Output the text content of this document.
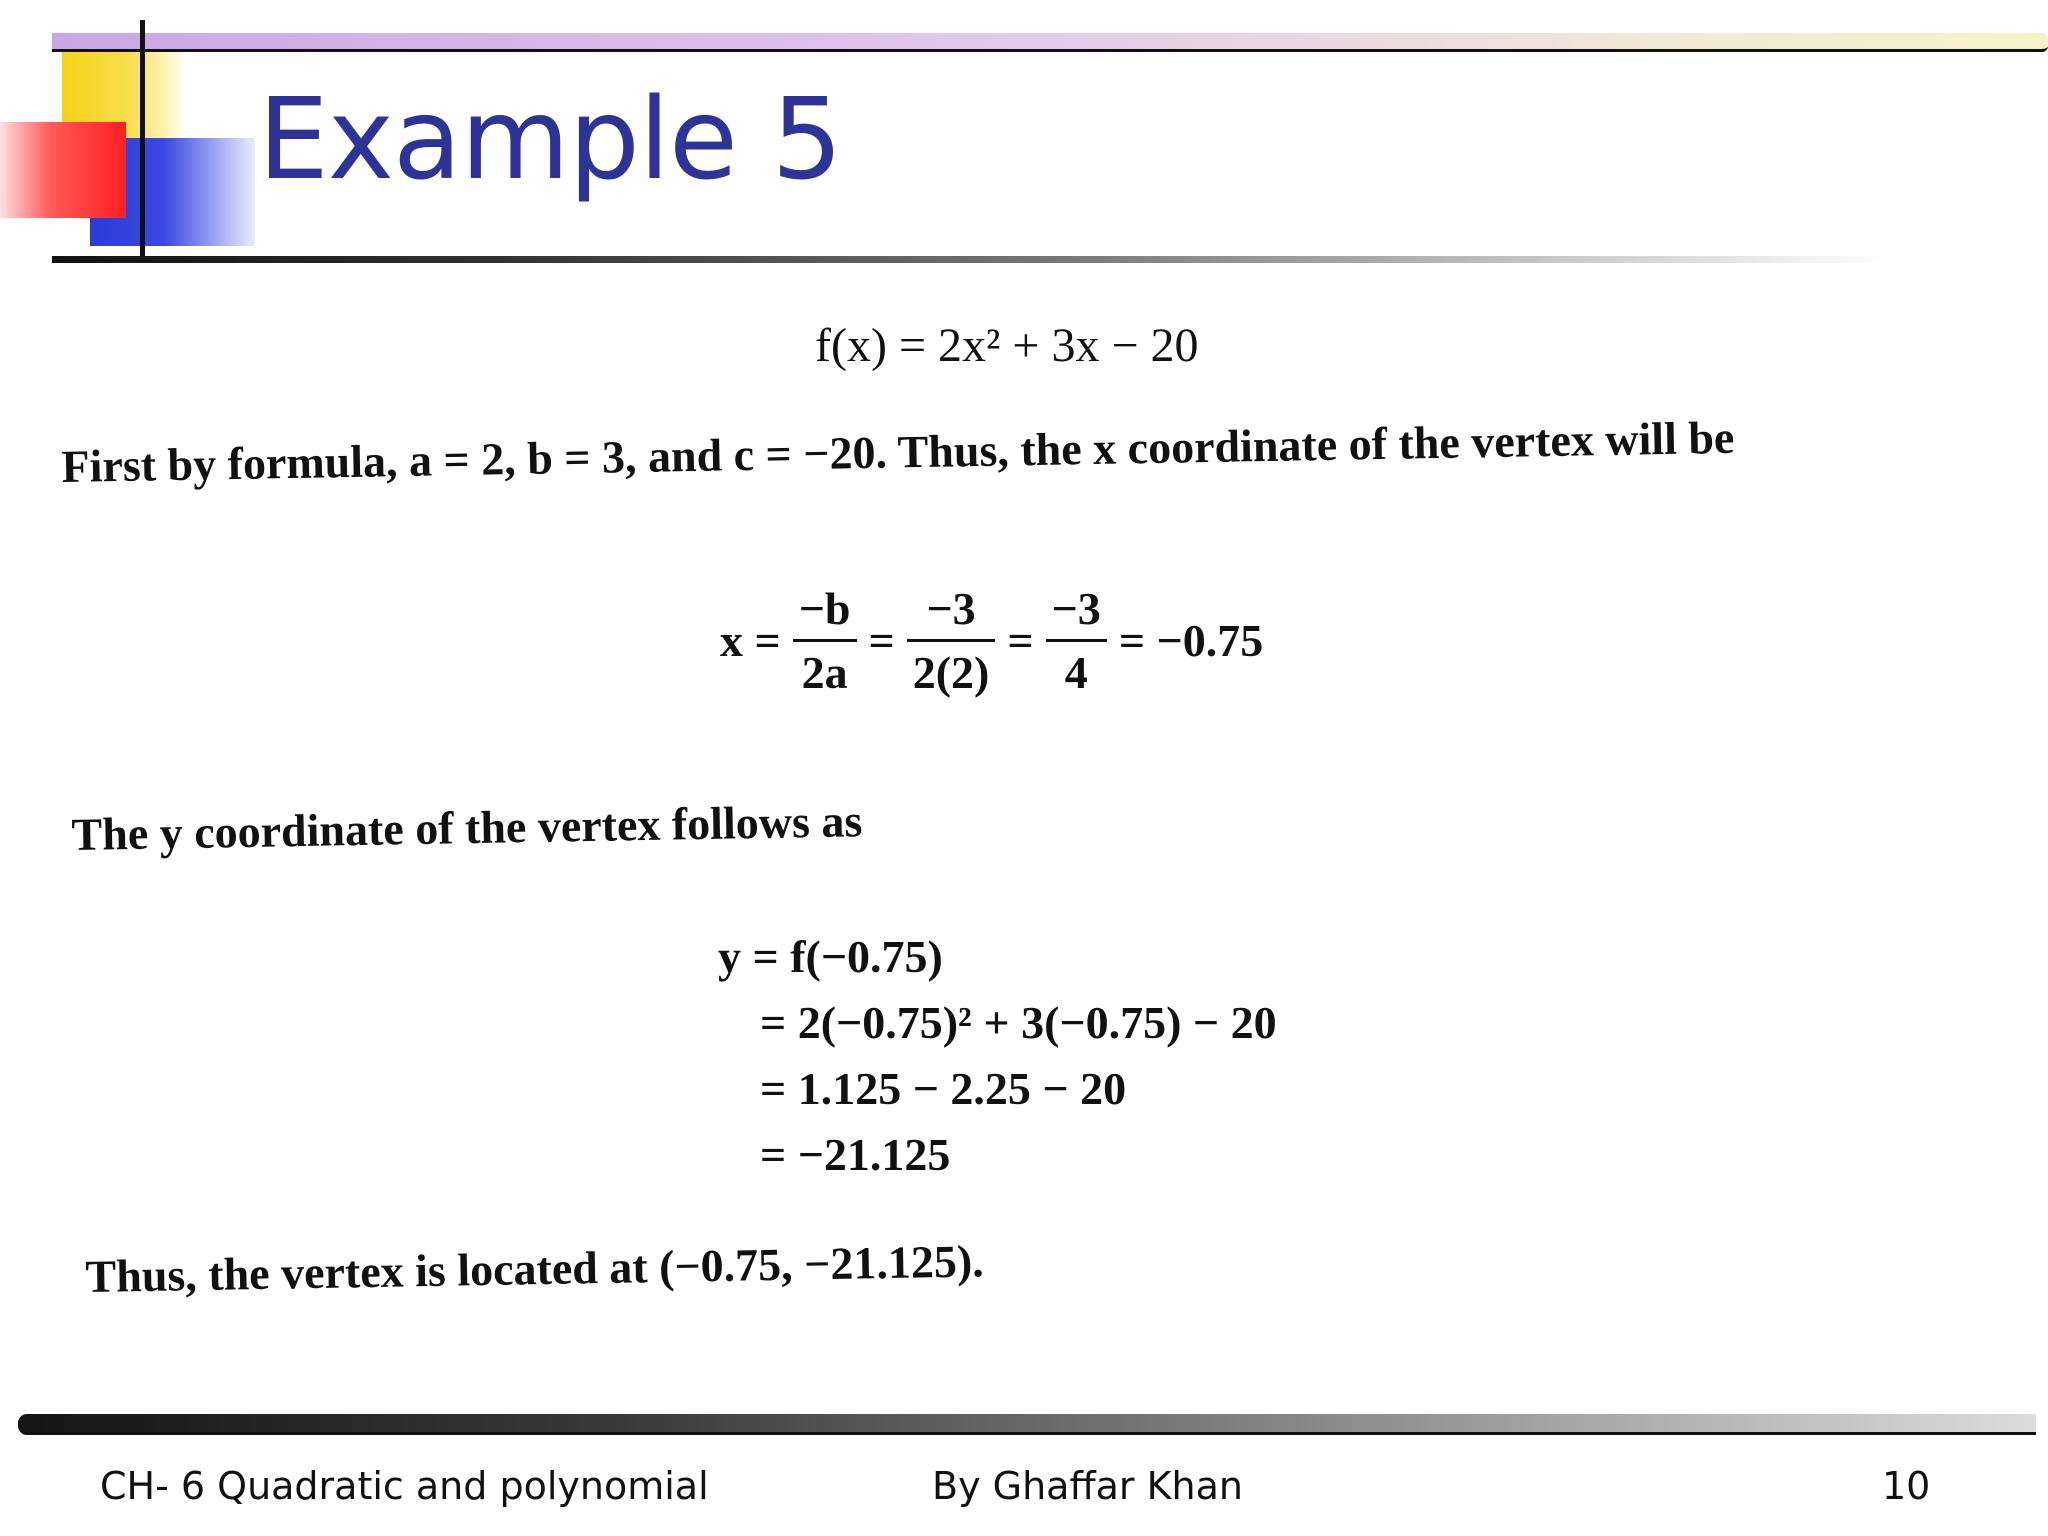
Example 5
f(x) = 2x² + 3x − 20
First by formula, a = 2, b = 3, and c = −20. Thus, the x coordinate of the vertex will be
$x = \frac{-b}{2a} = \frac{-3}{2(2)} = \frac{-3}{4} = -0.75$
The y coordinate of the vertex follows as
y = f(−0.75)
= 2(−0.75)² + 3(−0.75) − 20
= 1.125 − 2.25 − 20
= −21.125
Thus, the vertex is located at (−0.75, −21.125).
CH- 6 Quadratic and polynomial	By Ghaffar Khan	10
